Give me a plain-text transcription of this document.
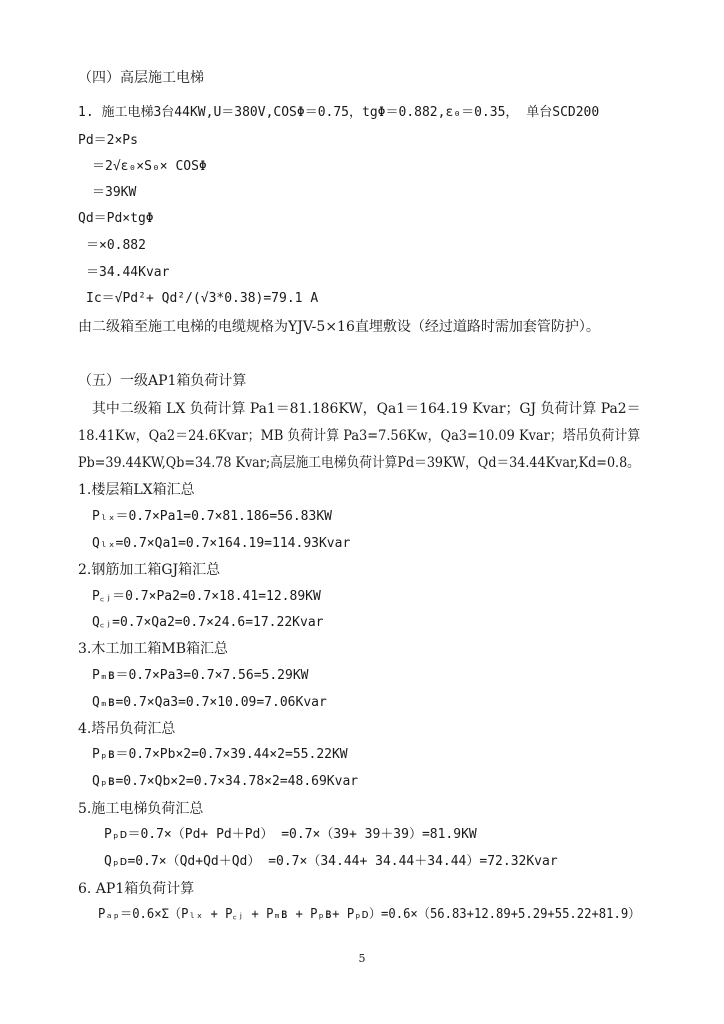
（四）高层施工电梯
1. 施工电梯3台44KW,U＝380V,COSΦ＝0.75，tgΦ＝0.882,ε₀＝0.35， 单台SCD200
Pd＝2×Ps
＝2√ε₀×S₀× COSΦ
＝39KW
Qd＝Pd×tgΦ
＝×0.882
＝34.44Kvar
Ic＝√Pd²+ Qd²/(√3*0.38)=79.1 A
由二级箱至施工电梯的电缆规格为YJV-5×16直埋敷设（经过道路时需加套管防护）。
（五）一级AP1箱负荷计算
其中二级箱 LX 负荷计算 Pa1＝81.186KW，Qa1＝164.19 Kvar；GJ 负荷计算 Pa2＝
18.41Kw，Qa2＝24.6Kvar；MB 负荷计算 Pa3=7.56Kw，Qa3=10.09 Kvar；塔吊负荷计算
Pb=39.44KW,Qb=34.78 Kvar;高层施工电梯负荷计算Pd＝39KW，Qd＝34.44Kvar,Kd=0.8。
1.楼层箱LX箱汇总
Pₗₓ＝0.7×Pa1=0.7×81.186=56.83KW
Qₗₓ=0.7×Qa1=0.7×164.19=114.93Kvar
2.钢筋加工箱GJ箱汇总
P꜀ⱼ＝0.7×Pa2=0.7×18.41=12.89KW
Q꜀ⱼ=0.7×Qa2=0.7×24.6=17.22Kvar
3.木工加工箱MB箱汇总
Pₘʙ＝0.7×Pa3=0.7×7.56=5.29KW
Qₘʙ=0.7×Qa3=0.7×10.09=7.06Kvar
4.塔吊负荷汇总
Pₚʙ＝0.7×Pb×2=0.7×39.44×2=55.22KW
Qₚʙ=0.7×Qb×2=0.7×34.78×2=48.69Kvar
5.施工电梯负荷汇总
Pₚᴅ＝0.7×（Pd+ Pd＋Pd） =0.7×（39+ 39＋39）=81.9KW
Qₚᴅ=0.7×（Qd+Qd＋Qd） =0.7×（34.44+ 34.44＋34.44）=72.32Kvar
6. AP1箱负荷计算
Pₐₚ＝0.6×Σ（Pₗₓ + P꜀ⱼ + Pₘʙ + Pₚʙ+ Pₚᴅ）=0.6×（56.83+12.89+5.29+55.22+81.9）
5
